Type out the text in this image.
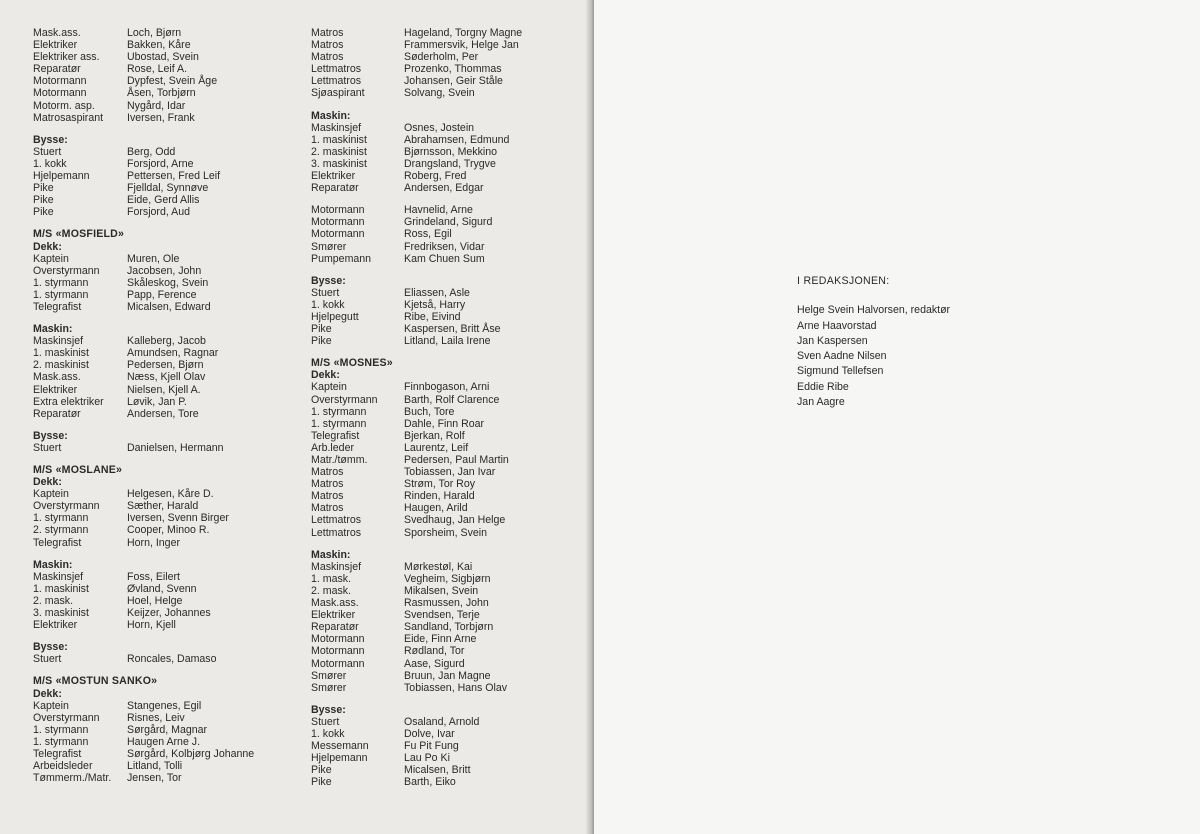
Mask.ass.	Loch, Bjørn
Elektriker	Bakken, Kåre
Elektriker ass.	Ubostad, Svein
Reparatør	Rose, Leif A.
Motormann	Dypfest, Svein Åge
Motormann	Åsen, Torbjørn
Motorm. asp.	Nygård, Idar
Matrosaspirant	Iversen, Frank
Bysse:
Stuert	Berg, Odd
1. kokk	Forsjord, Arne
Hjelpemann	Pettersen, Fred Leif
Pike	Fjelldal, Synnøve
Pike	Eide, Gerd Allis
Pike	Forsjord, Aud
M/S «MOSFIELD»
Dekk:
Kaptein	Muren, Ole
Overstyrmann	Jacobsen, John
1. styrmann	Skåleskog, Svein
1. styrmann	Papp, Ference
Telegrafist	Micalsen, Edward
Maskin:
Maskinsjef	Kalleberg, Jacob
1. maskinist	Amundsen, Ragnar
2. maskinist	Pedersen, Bjørn
Mask.ass.	Næss, Kjell Olav
Elektriker	Nielsen, Kjell A.
Extra elektriker	Løvik, Jan P.
Reparatør	Andersen, Tore
Bysse:
Stuert	Danielsen, Hermann
M/S «MOSLANE»
Dekk:
Kaptein	Helgesen, Kåre D.
Overstyrmann	Sæther, Harald
1. styrmann	Iversen, Svenn Birger
2. styrmann	Cooper, Minoo R.
Telegrafist	Horn, Inger
Maskin:
Maskinsjef	Foss, Eilert
1. maskinist	Øvland, Svenn
2. mask.	Hoel, Helge
3. maskinist	Keijzer, Johannes
Elektriker	Horn, Kjell
Bysse:
Stuert	Roncales, Damaso
M/S «MOSTUN SANKO»
Dekk:
Kaptein	Stangenes, Egil
Overstyrmann	Risnes, Leiv
1. styrmann	Sørgård, Magnar
1. styrmann	Haugen Arne J.
Telegrafist	Sørgård, Kolbjørg Johanne
Arbeidsleder	Litland, Tolli
Tømmerm./Matr.	Jensen, Tor
Matros	Hageland, Torgny Magne
Matros	Frammersvik, Helge Jan
Matros	Søderholm, Per
Lettmatros	Prozenko, Thommas
Lettmatros	Johansen, Geir Ståle
Sjøaspirant	Solvang, Svein
Maskin:
Maskinsjef	Osnes, Jostein
1. maskinist	Abrahamsen, Edmund
2. maskinist	Bjørnsson, Mekkino
3. maskinist	Drangsland, Trygve
Elektriker	Roberg, Fred
Reparatør	Andersen, Edgar
Motormann	Havnelid, Arne
Motormann	Grindeland, Sigurd
Motormann	Ross, Egil
Smører	Fredriksen, Vidar
Pumpemann	Kam Chuen Sum
Bysse:
Stuert	Eliassen, Asle
1. kokk	Kjetså, Harry
Hjelpegutt	Ribe, Eivind
Pike	Kaspersen, Britt Åse
Pike	Litland, Laila Irene
M/S «MOSNES»
Dekk:
Kaptein	Finnbogason, Arni
Overstyrmann	Barth, Rolf Clarence
1. styrmann	Buch, Tore
1. styrmann	Dahle, Finn Roar
Telegrafist	Bjerkan, Rolf
Arb.leder	Laurentz, Leif
Matr./tømm.	Pedersen, Paul Martin
Matros	Tobiassen, Jan Ivar
Matros	Strøm, Tor Roy
Matros	Rinden, Harald
Matros	Haugen, Arild
Lettmatros	Svedhaug, Jan Helge
Lettmatros	Sporsheim, Svein
Maskin:
Maskinsjef	Mørkestøl, Kai
1. mask.	Vegheim, Sigbjørn
2. mask.	Mikalsen, Svein
Mask.ass.	Rasmussen, John
Elektriker	Svendsen, Terje
Reparatør	Sandland, Torbjørn
Motormann	Eide, Finn Arne
Motormann	Rødland, Tor
Motormann	Aase, Sigurd
Smører	Bruun, Jan Magne
Smører	Tobiassen, Hans Olav
Bysse:
Stuert	Osaland, Arnold
1. kokk	Dolve, Ivar
Messemann	Fu Pit Fung
Hjelpemann	Lau Po Ki
Pike	Micalsen, Britt
Pike	Barth, Eiko
I REDAKSJONEN:
Helge Svein Halvorsen, redaktør
Arne Haavorstad
Jan Kaspersen
Sven Aadne Nilsen
Sigmund Tellefsen
Eddie Ribe
Jan Aagre
